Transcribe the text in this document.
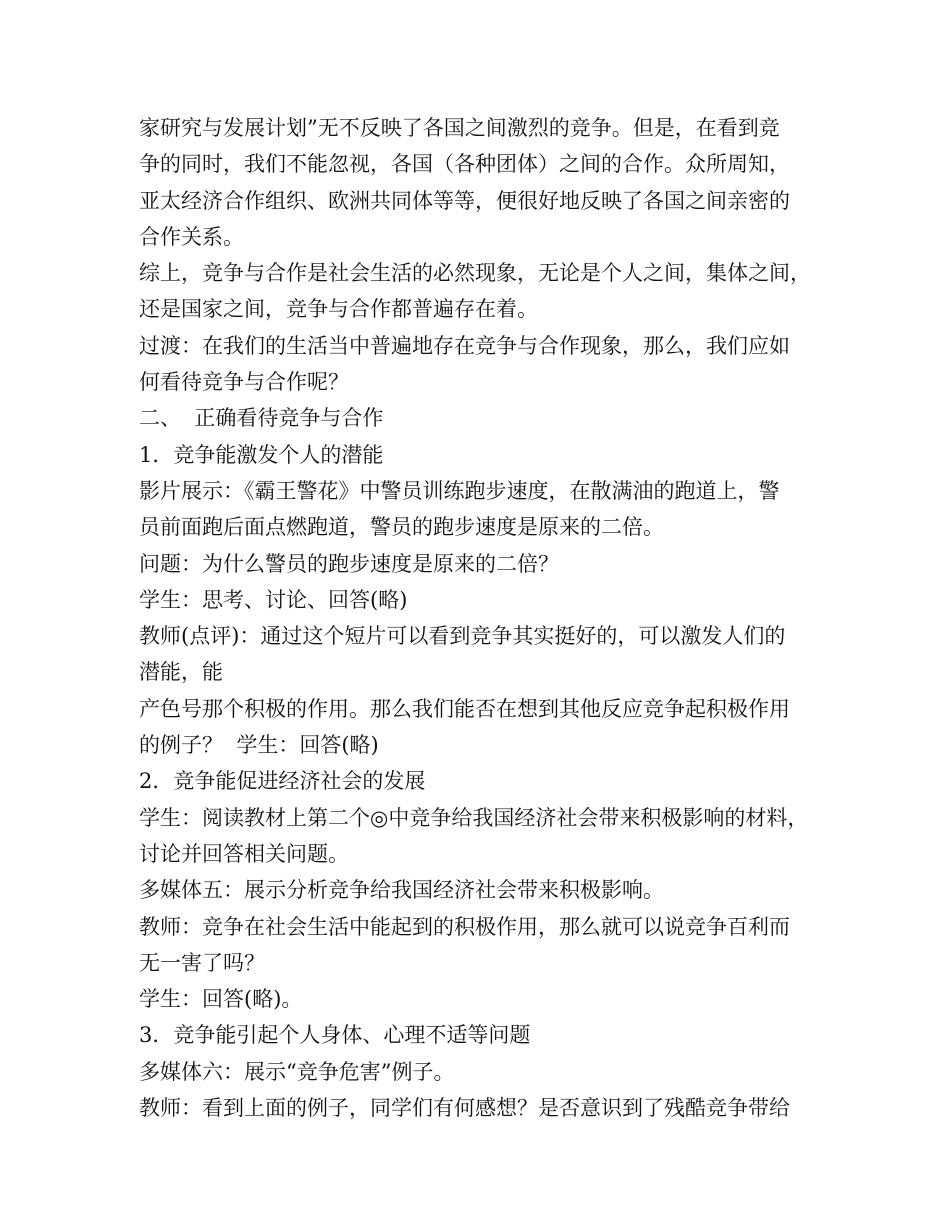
家研究与发展计划”无不反映了各国之间激烈的竞争。但是，在看到竞
争的同时，我们不能忽视，各国（各种团体）之间的合作。众所周知，
亚太经济合作组织、欧洲共同体等等，便很好地反映了各国之间亲密的
合作关系。
综上，竞争与合作是社会生活的必然现象，无论是个人之间，集体之间，
还是国家之间，竞争与合作都普遍存在着。
过渡：在我们的生活当中普遍地存在竞争与合作现象，那么，我们应如
何看待竞争与合作呢？
二、  正确看待竞争与合作
1．竞争能激发个人的潜能
影片展示：《霸王警花》中警员训练跑步速度，在散满油的跑道上，警
员前面跑后面点燃跑道，警员的跑步速度是原来的二倍。
问题：为什么警员的跑步速度是原来的二倍？
学生：思考、讨论、回答(略)
教师(点评)：通过这个短片可以看到竞争其实挺好的，可以激发人们的
潜能，能
产色号那个积极的作用。那么我们能否在想到其他反应竞争起积极作用
的例子？  学生：回答(略)
2．竞争能促进经济社会的发展
学生：阅读教材上第二个◎中竞争给我国经济社会带来积极影响的材料，
讨论并回答相关问题。
多媒体五：展示分析竞争给我国经济社会带来积极影响。
教师：竞争在社会生活中能起到的积极作用，那么就可以说竞争百利而
无一害了吗？
学生：回答(略)。
3．竞争能引起个人身体、心理不适等问题
多媒体六：展示“竞争危害”例子。
教师：看到上面的例子，同学们有何感想？是否意识到了残酷竞争带给
